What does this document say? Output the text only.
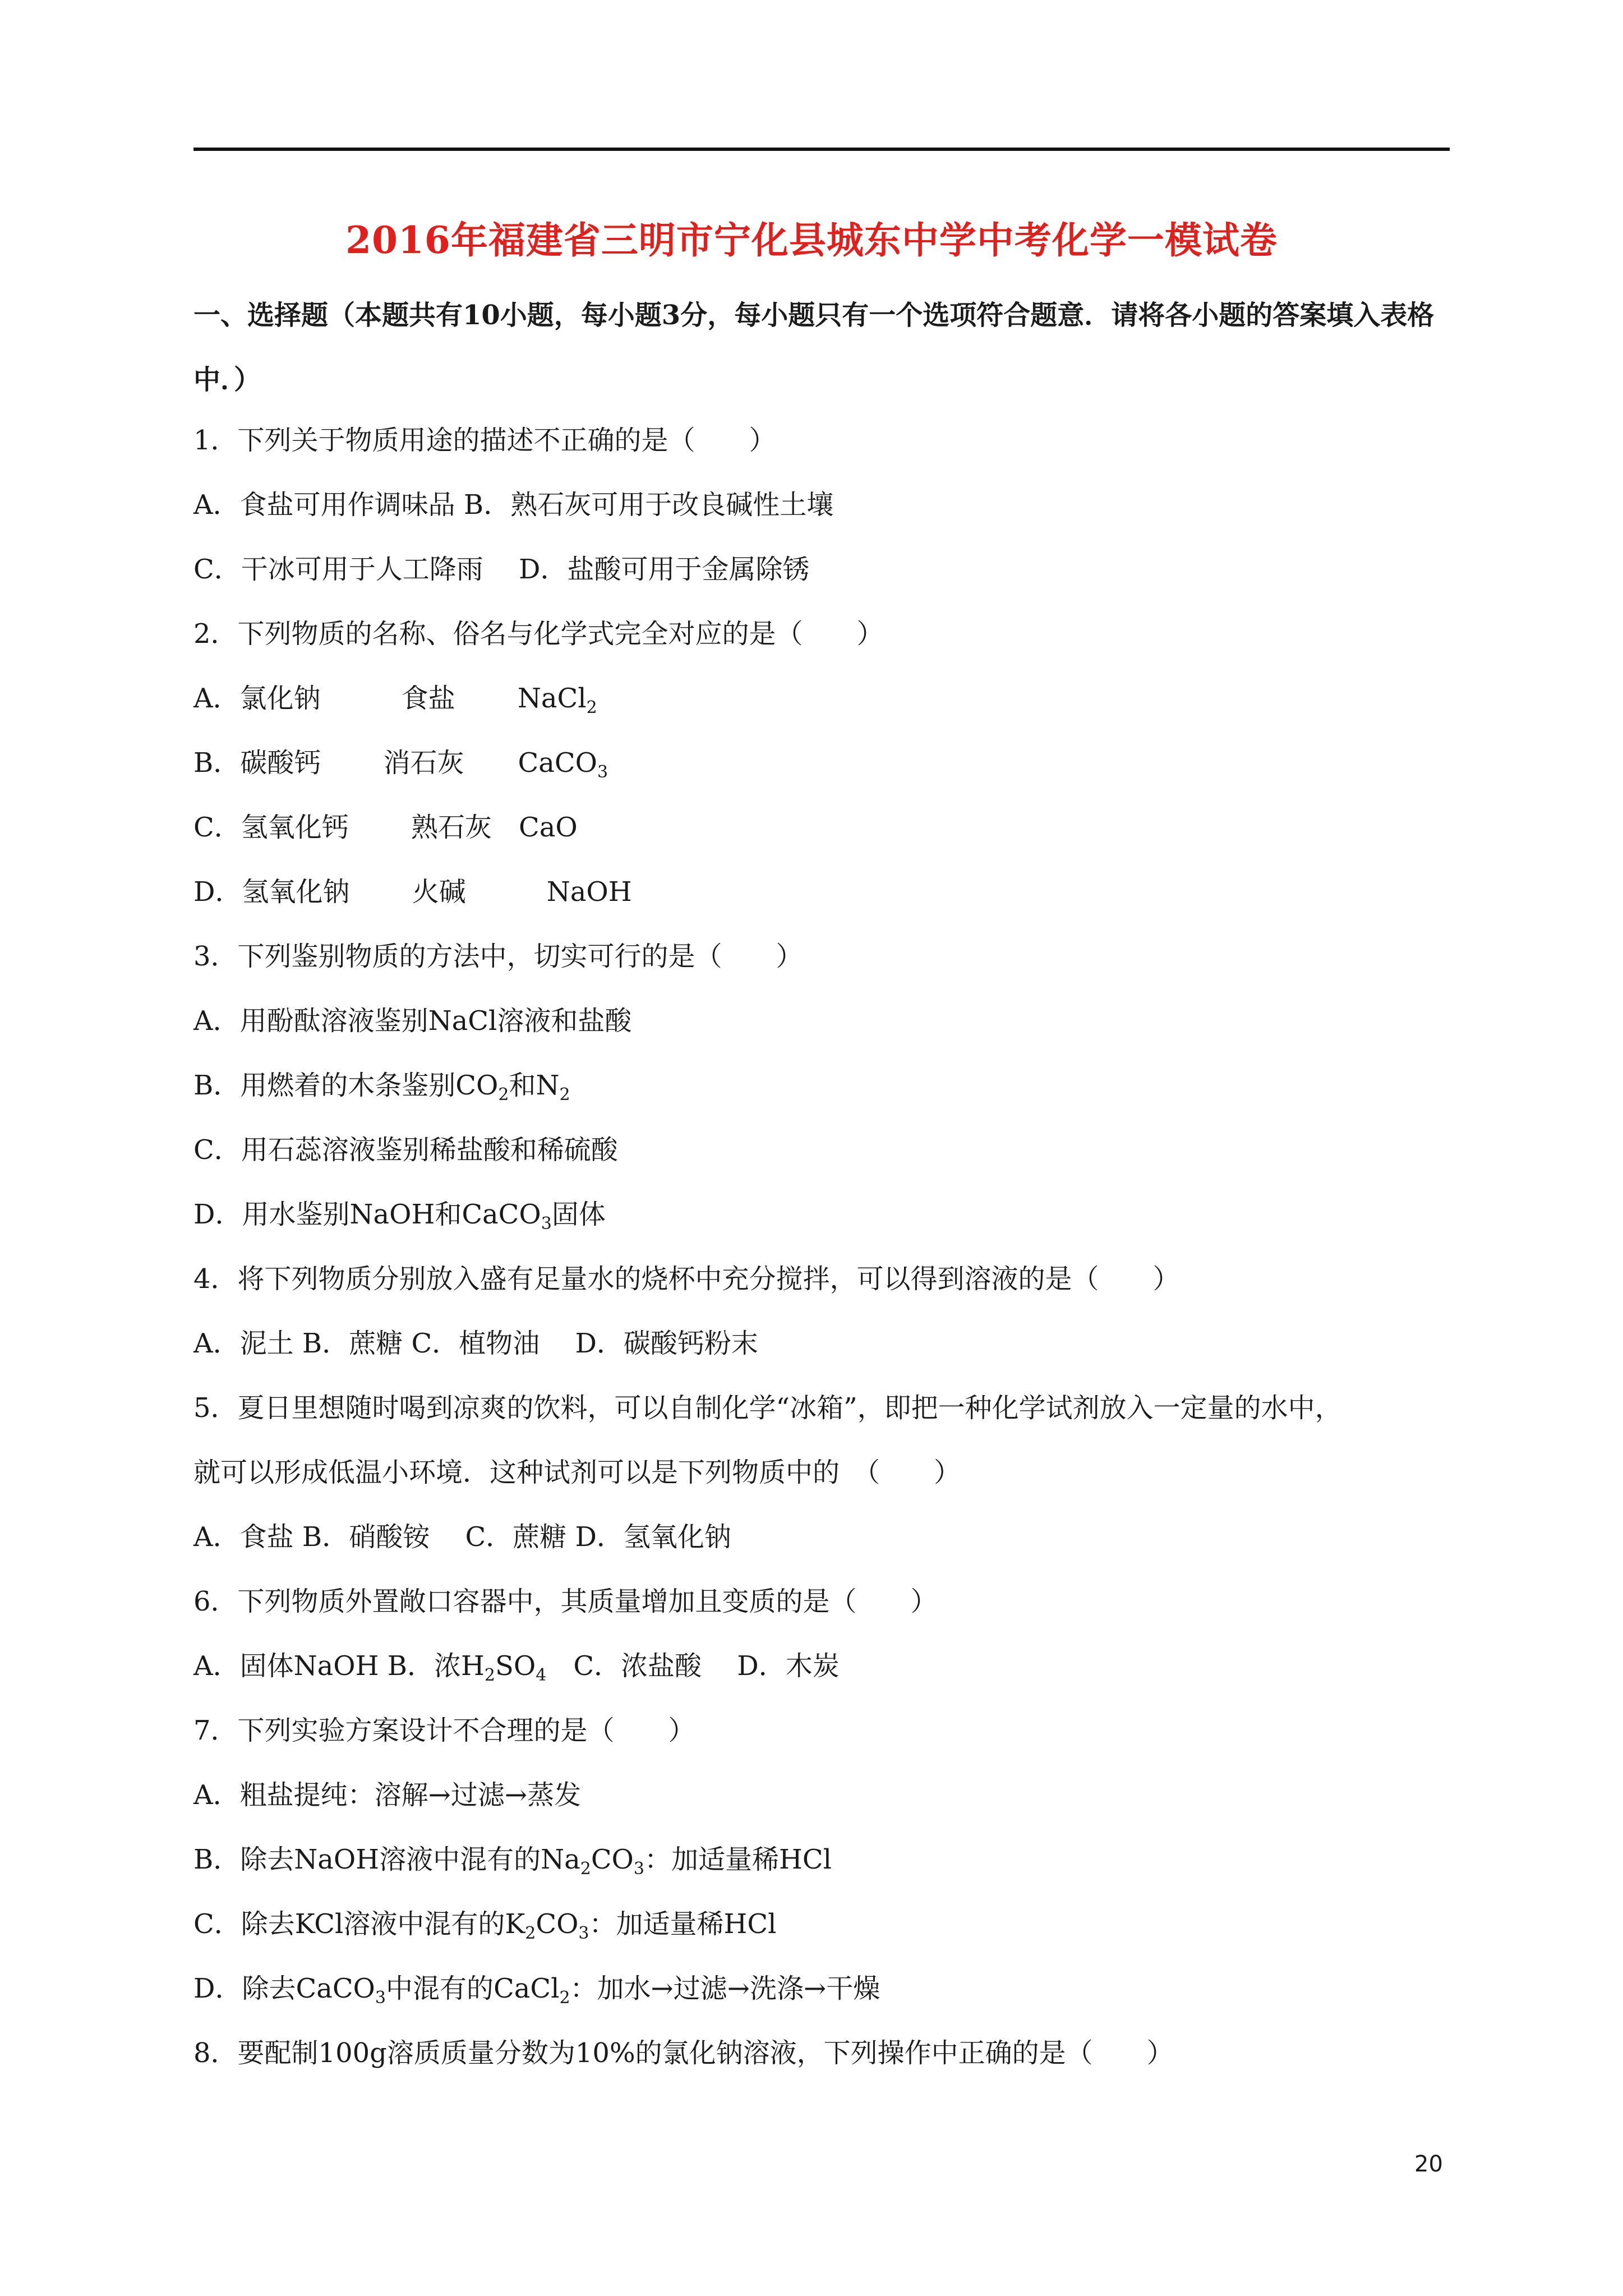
2016年福建省三明市宁化县城东中学中考化学一模试卷
一、选择题（本题共有10小题，每小题3分，每小题只有一个选项符合题意．请将各小题的答案填入表格中．）
1．下列关于物质用途的描述不正确的是（　　）
A．食盐可用作调味品 B．熟石灰可用于改良碱性土壤
C．干冰可用于人工降雨　 D．盐酸可用于金属除锈
2．下列物质的名称、俗名与化学式完全对应的是（　　）
A．氯化钠　　　食盐　　 NaCl$_2$
B．碳酸钙　　 消石灰　　CaCO$_3$
C．氢氧化钙　　 熟石灰　CaO
D．氢氧化钠　　 火碱　　　NaOH
3．下列鉴别物质的方法中，切实可行的是（　　）
A．用酚酞溶液鉴别NaCl溶液和盐酸
B．用燃着的木条鉴别$CO_2$和$N_2$
C．用石蕊溶液鉴别稀盐酸和稀硫酸
D．用水鉴别NaOH和CaCO$_3$固体
4．将下列物质分别放入盛有足量水的烧杯中充分搅拌，可以得到溶液的是（　　）
A．泥土 B．蔗糖 C．植物油　 D．碳酸钙粉末
5．夏日里想随时喝到凉爽的饮料，可以自制化学“冰箱”，即把一种化学试剂放入一定量的水中，
就可以形成低温小环境．这种试剂可以是下列物质中的　（　　）
A．食盐 B．硝酸铵　 C．蔗糖 D．氢氧化钠
6．下列物质外置敞口容器中，其质量增加且变质的是（　　）
A．固体NaOH B．浓$H_2SO_4$　C．浓盐酸　 D．木炭
7．下列实验方案设计不合理的是（　　）
A．粗盐提纯：溶解→过滤→蒸发
B．除去NaOH溶液中混有的$Na_2CO_3$：加适量稀HCl
C．除去KCl溶液中混有的$K_2CO_3$：加适量稀HCl
D．除去CaCO$_3$中混有的CaCl$_2$：加水→过滤→洗涤→干燥
8．要配制100g溶质质量分数为10%的氯化钠溶液，下列操作中正确的是（　　）
20
